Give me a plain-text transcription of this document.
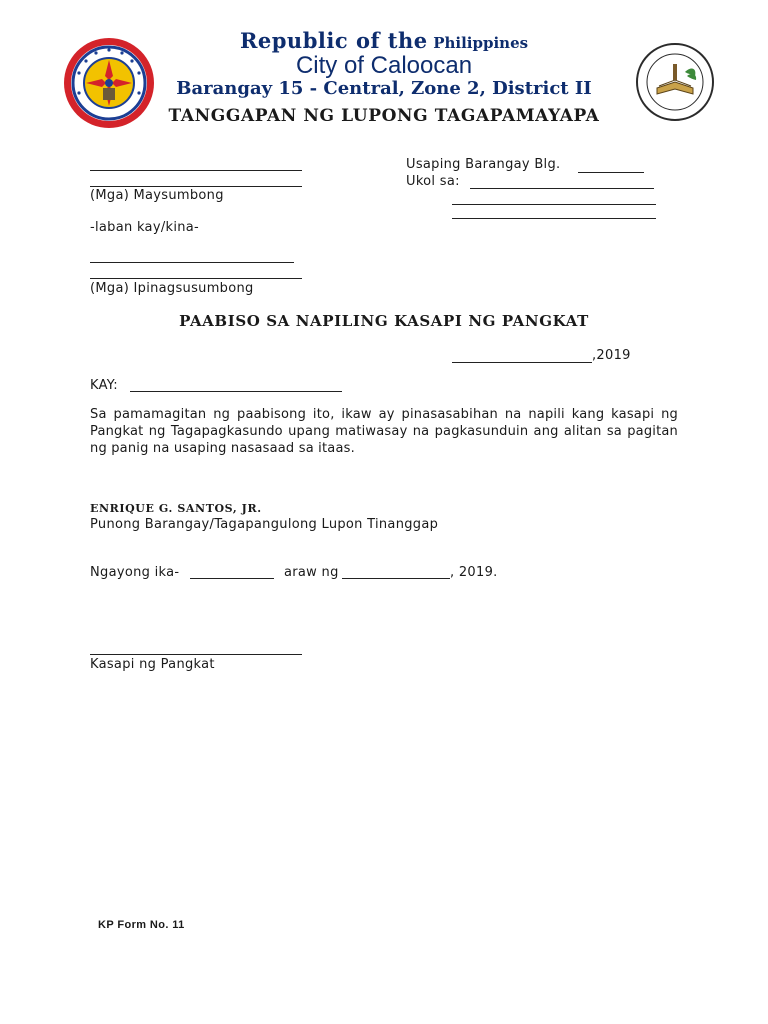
Republic of the Philippines
City of Caloocan
Barangay 15 - Central, Zone 2, District II
TANGGAPAN NG LUPONG TAGAPAMAYAPA
(Mga) Maysumbong
-laban kay/kina-
(Mga) Ipinagsusumbong
Usaping Barangay Blg.
Ukol sa:
PAABISO SA NAPILING KASAPI NG PANGKAT
,2019
KAY:
Sa pamamagitan ng paabisong ito, ikaw ay pinasasabihan na napili kang kasapi ng Pangkat ng Tagapagkasundo upang matiwasay na pagkasunduin ang alitan sa pagitan ng panig na usaping nasasaad sa itaas.
ENRIQUE G. SANTOS, JR.
Punong Barangay/Tagapangulong Lupon Tinanggap
Ngayong ika-	araw ng	, 2019.
Kasapi ng Pangkat
KP Form No. 11
